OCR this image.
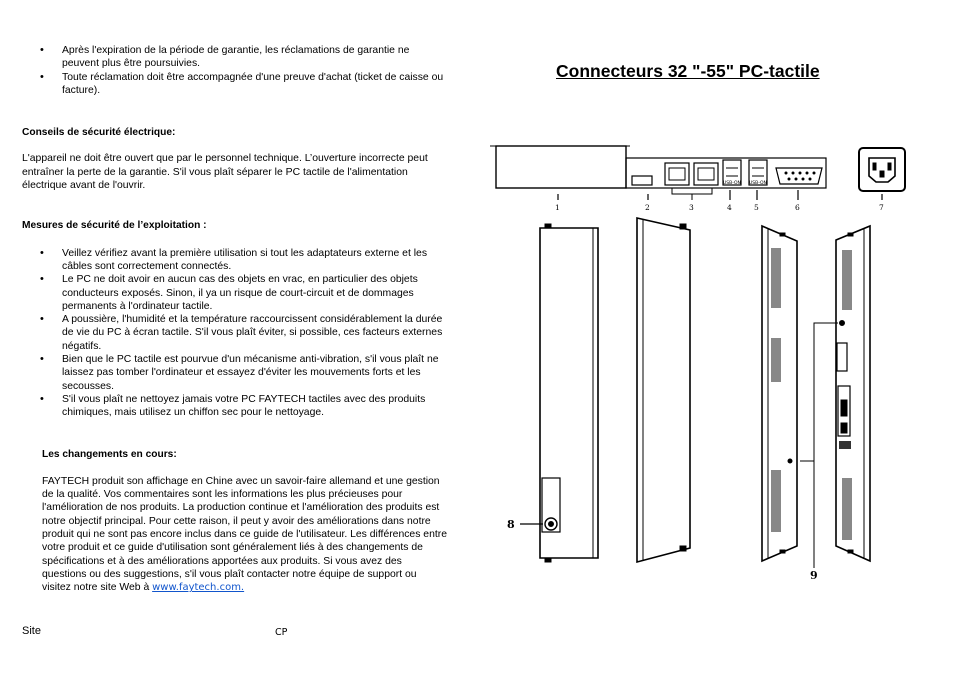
• Après l'expiration de la période de garantie, les réclamations de garantie ne peuvent plus être poursuivies.
• Toute réclamation doit être accompagnée d'une preuve d'achat (ticket de caisse ou facture).
Conseils de sécurité électrique:

L'appareil ne doit être ouvert que par le personnel technique. L’ouverture incorrecte peut entraîner la perte de la garantie. S'il vous plaît séparer le PC tactile de l'alimentation électrique avant de l'ouvrir.

Mesures de sécurité de l’exploitation :
• Veillez vérifiez avant la première utilisation si tout les adaptateurs externe et les câbles sont correctement connectés.
• Le PC ne doit avoir en aucun cas des objets en vrac, en particulier des objets conducteurs exposés. Sinon, il ya un risque de court-circuit et de dommages permanents à l'ordinateur tactile.
• A poussière, l'humidité et la température raccourcissent considérablement la durée de vie du PC à écran tactile. S'il vous plaît éviter, si possible, ces facteurs externes négatifs.
• Bien que le PC tactile est pourvue d'un mécanisme anti-vibration, s'il vous plaît ne laissez pas tomber l'ordinateur et essayez d'éviter les mouvements forts et les secousses.
• S'il vous plaît ne nettoyez jamais votre PC FAYTECH tactiles avec des produits chimiques, mais utilisez un chiffon sec pour le nettoyage.
Les changements en cours:

FAYTECH produit son affichage en Chine avec un savoir-faire allemand et une gestion de la qualité. Vos commentaires sont les informations les plus précieuses pour l'amélioration de nos produits. La production continue et l'amélioration des produits est notre objectif principal. Pour cette raison, il peut y avoir des améliorations dans notre produit qui ne sont pas encore inclus dans ce guide de l'utilisateur. Les différences entre votre produit et ce guide d'utilisation sont généralement liés à des changements de spécifications et à des améliorations apportées aux produits. Si vous avez des questions ou des suggestions, s'il vous plaît contacter notre équipe de support ou visitez notre site Web à www.faytech.com.

Site	CP
Connecteurs 32 "-55" PC-tactile
1	2	3	4	5	6	7
USB-ON USB-ON
8
9
